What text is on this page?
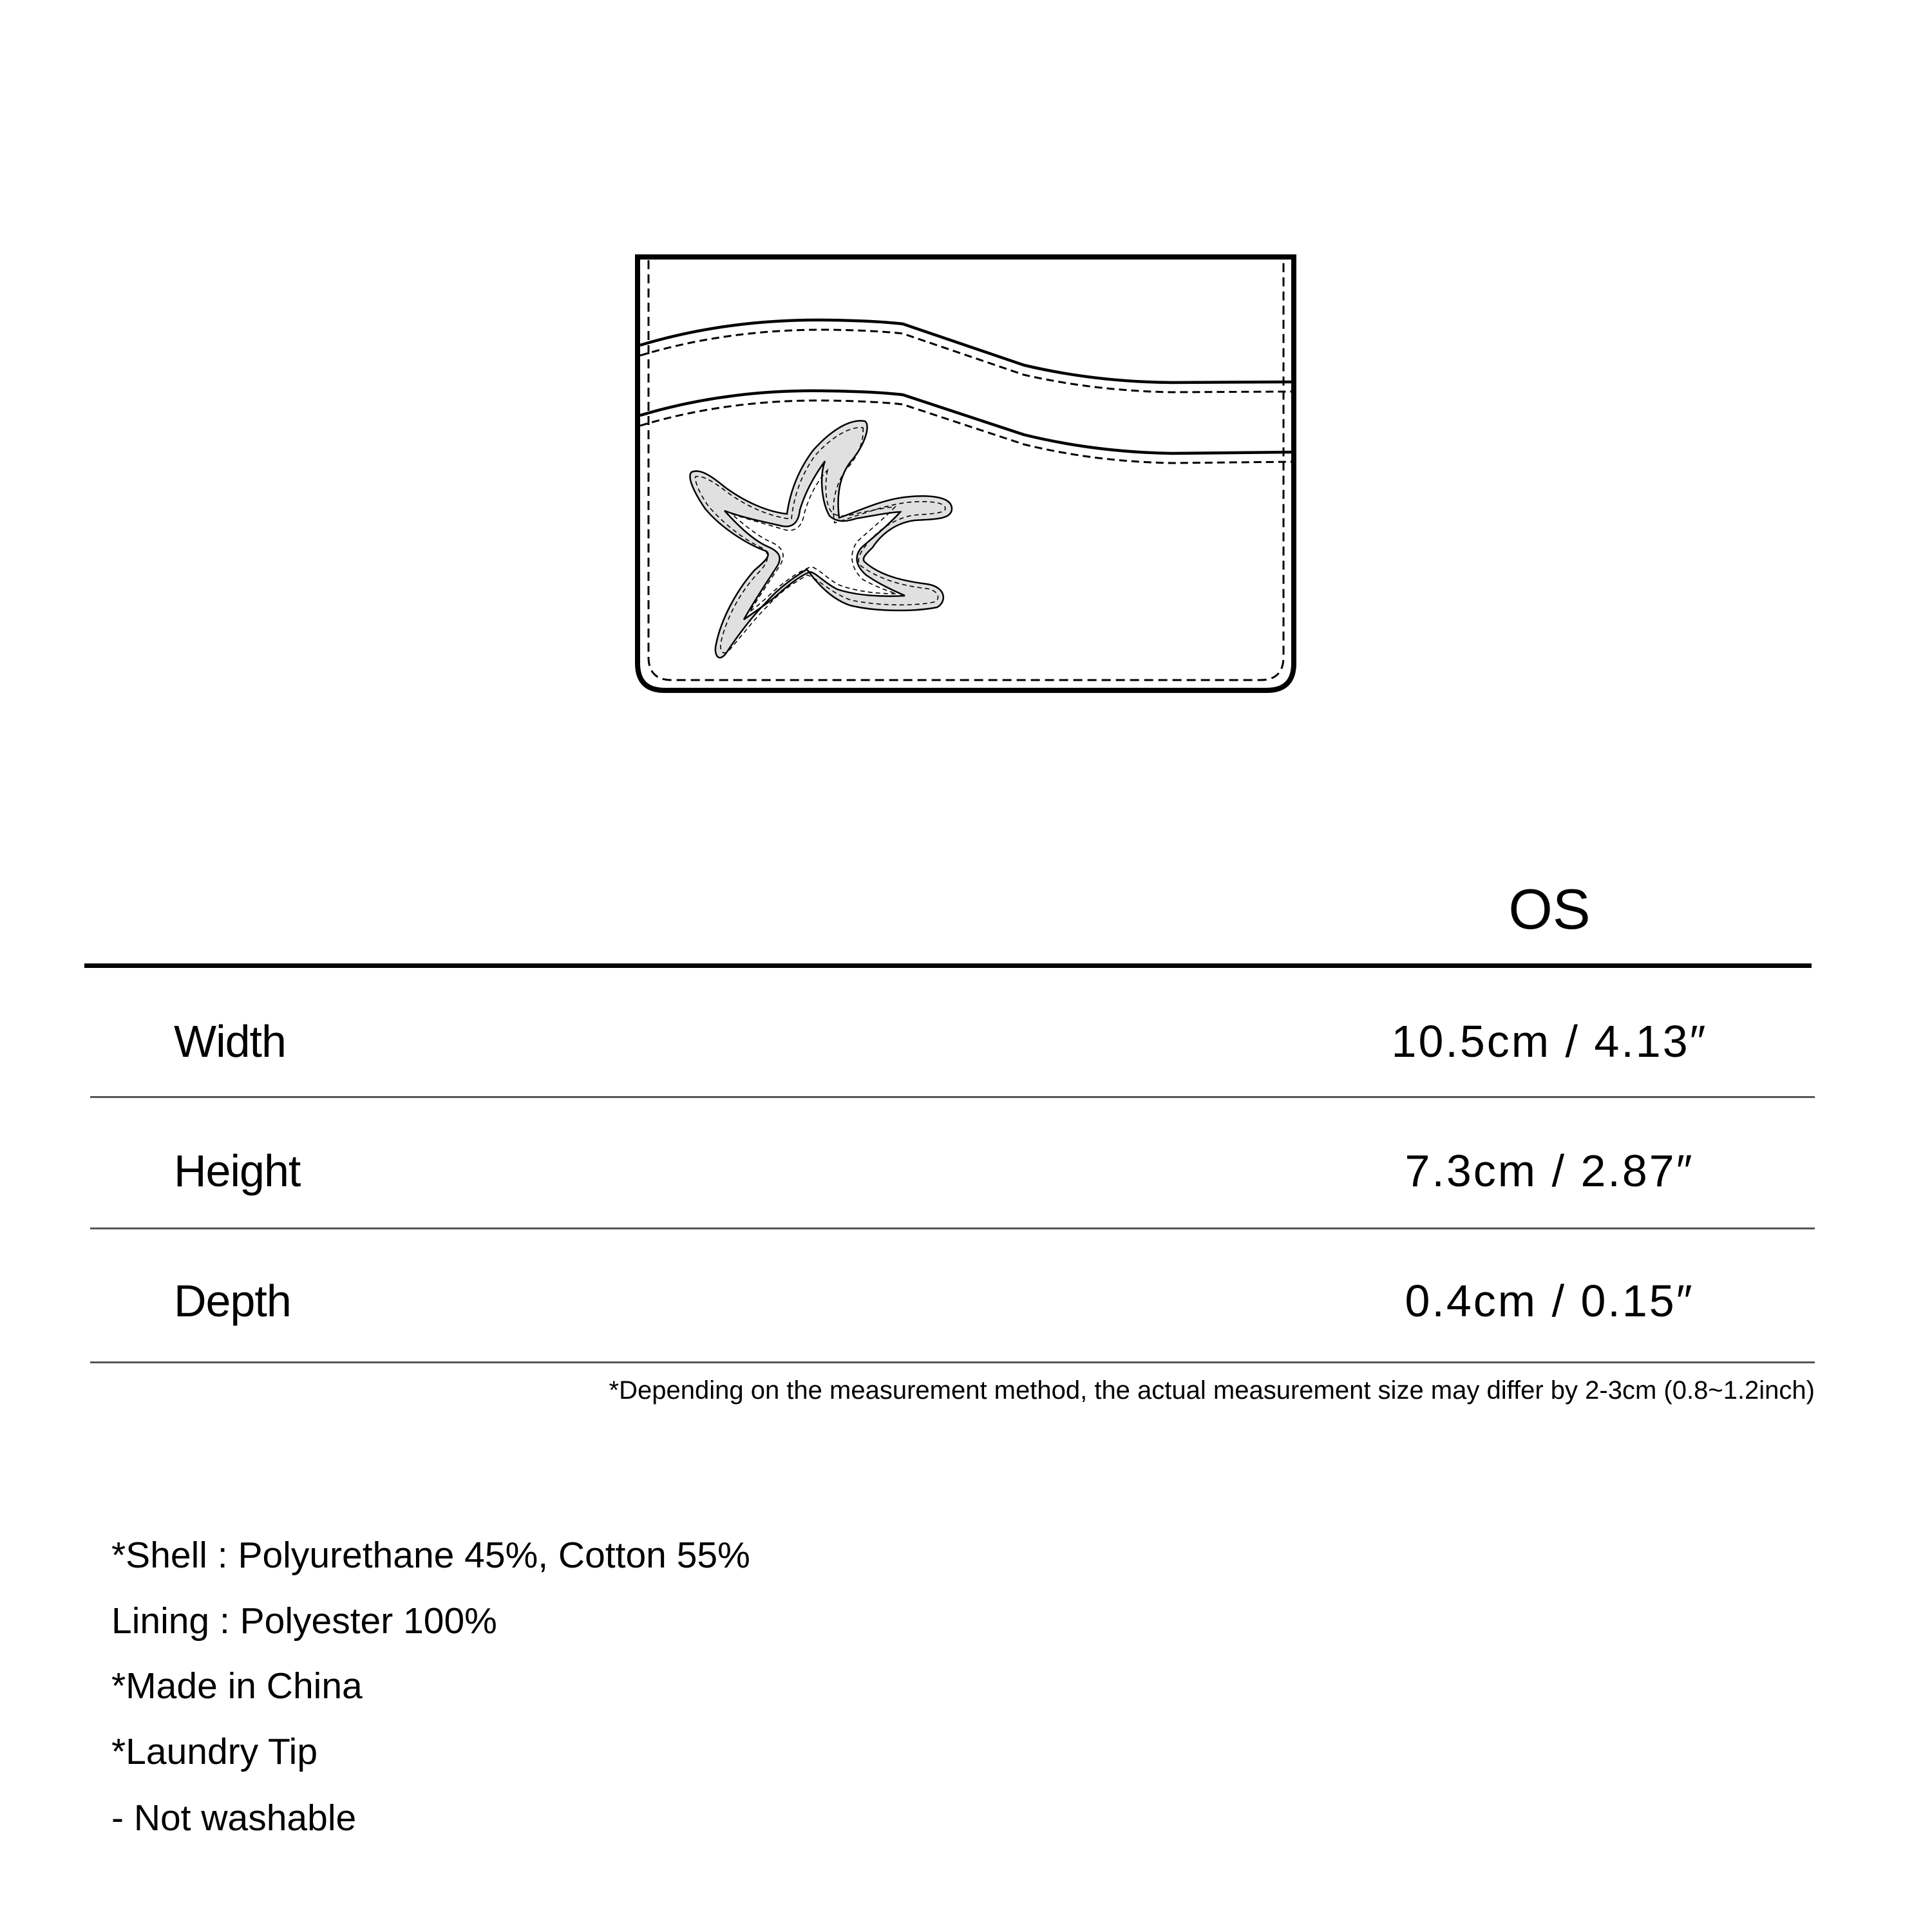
OS
Width	10.5cm / 4.13″
Height	7.3cm / 2.87″
Depth	0.4cm / 0.15″
*Depending on the measurement method, the actual measurement size may differ by 2-3cm (0.8~1.2inch)
*Shell : Polyurethane 45%, Cotton 55%
Lining : Polyester 100%
*Made in China
*Laundry Tip
- Not washable
